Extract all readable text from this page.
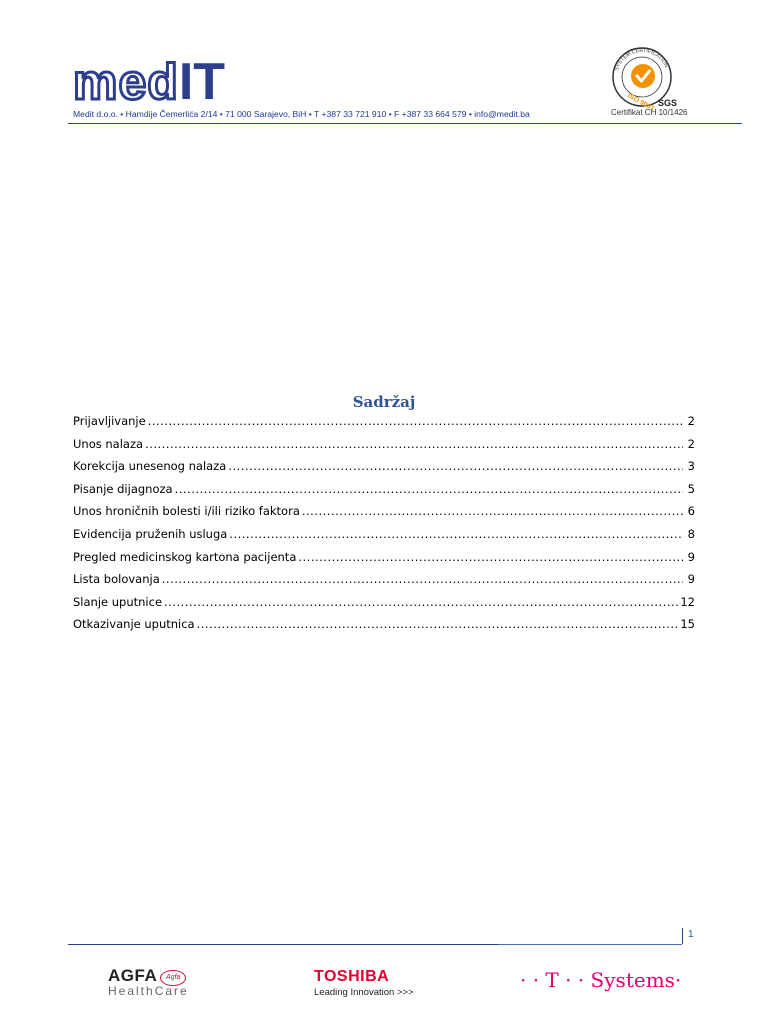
medIT
Medit d.o.o. • Hamdije Čemerlića 2/14 • 71 000 Sarajevo, BiH • T +387 33 721 910 • F +387 33 664 579 • info@medit.ba
SYSTEM CERTIFICATION
ISO 9001 SGS
Certifikat CH 10/1426
Sadržaj
Prijavljivanje .....	2
Unos nalaza .....	2
Korekcija unesenog nalaza .....	3
Pisanje dijagnoza .....	5
Unos hroničnih bolesti i/ili riziko faktora .....	6
Evidencija pruženih usluga .....	8
Pregled medicinskog kartona pacijenta .....	9
Lista bolovanja .....	9
Slanje uputnice .....	12
Otkazivanje uputnica .....	15
1
AGFA Agfa
HealthCare
TOSHIBA
Leading Innovation >>>
· · T · · Systems·
